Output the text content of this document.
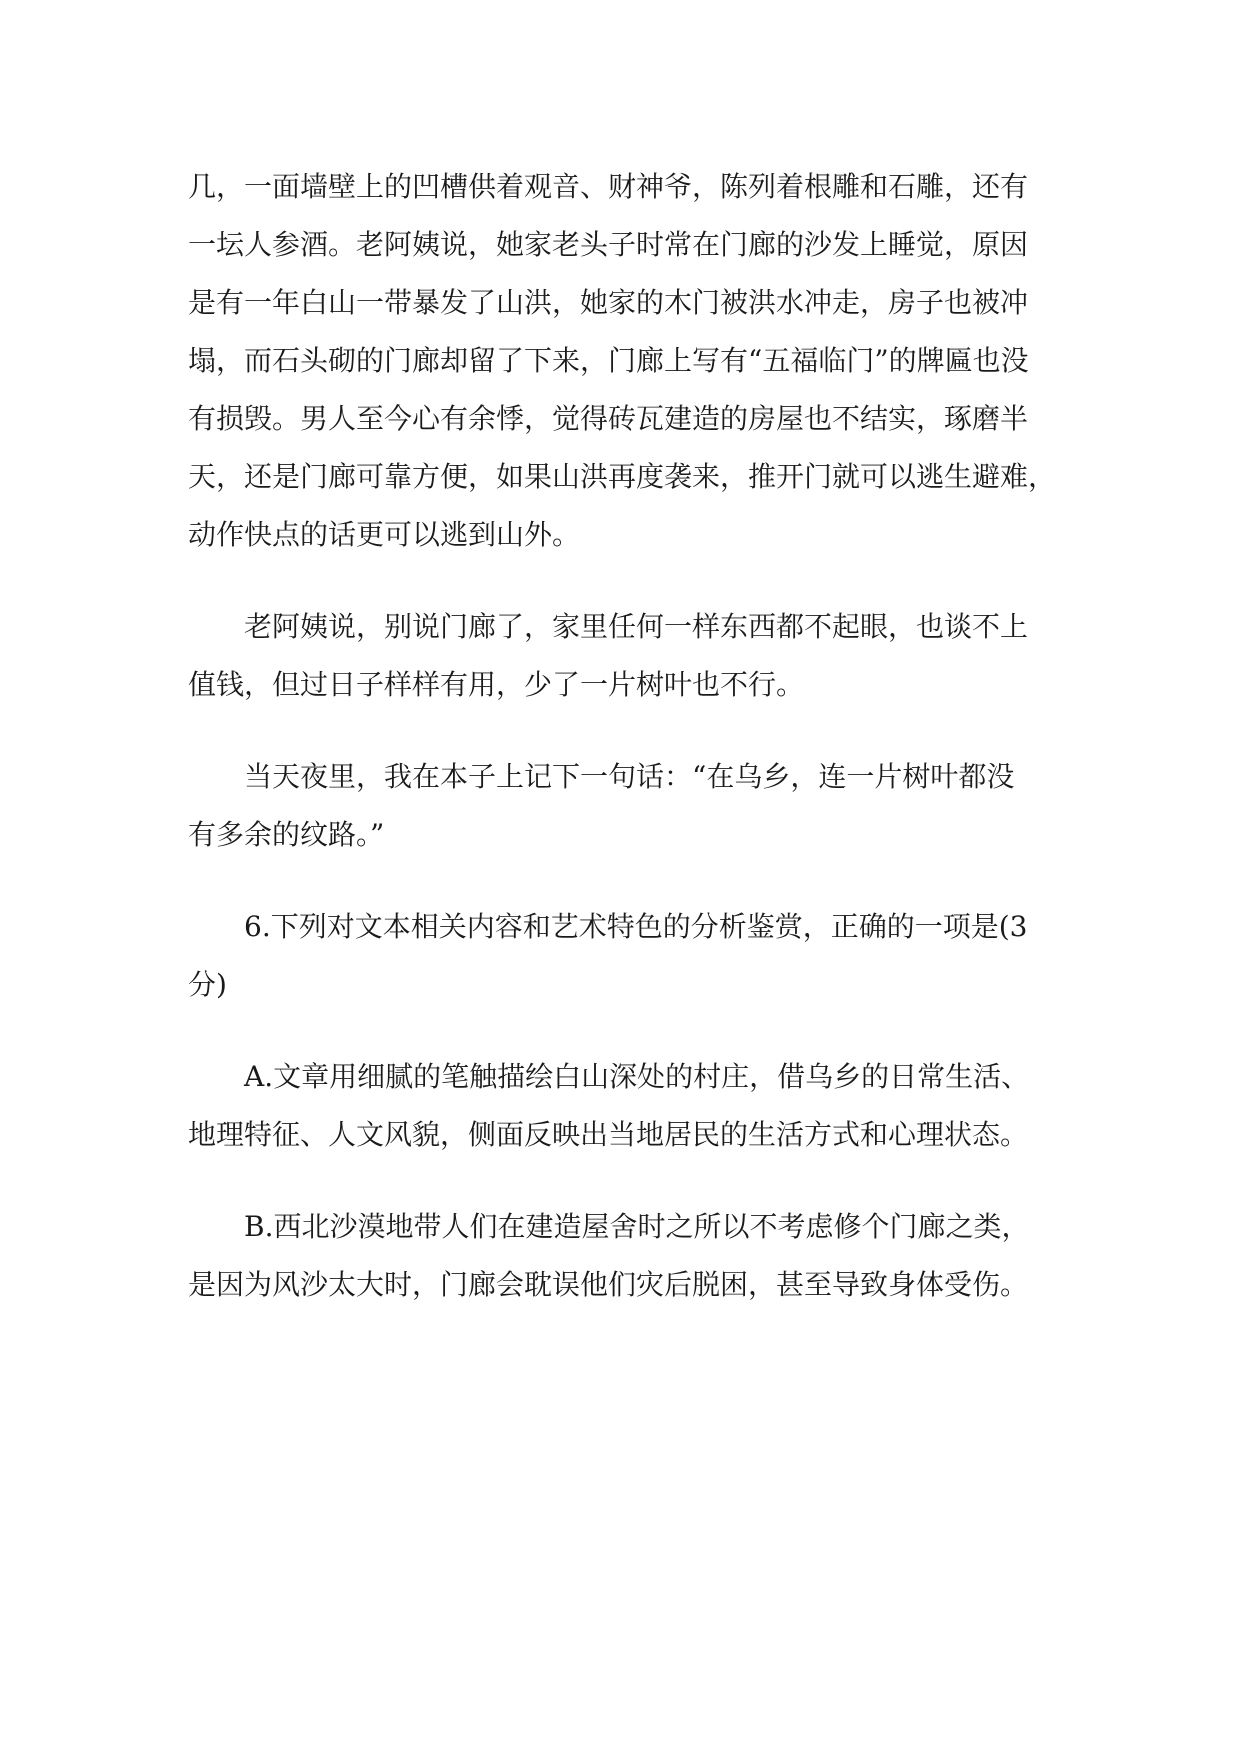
几，一面墙壁上的凹槽供着观音、财神爷，陈列着根雕和石雕，还有
一坛人参酒。老阿姨说，她家老头子时常在门廊的沙发上睡觉，原因
是有一年白山一带暴发了山洪，她家的木门被洪水冲走，房子也被冲
塌，而石头砌的门廊却留了下来，门廊上写有“五福临门”的牌匾也没
有损毁。男人至今心有余悸，觉得砖瓦建造的房屋也不结实，琢磨半
天，还是门廊可靠方便，如果山洪再度袭来，推开门就可以逃生避难，
动作快点的话更可以逃到山外。

老阿姨说，别说门廊了，家里任何一样东西都不起眼，也谈不上
值钱，但过日子样样有用，少了一片树叶也不行。

当天夜里，我在本子上记下一句话：“在乌乡，连一片树叶都没
有多余的纹路。”

6.下列对文本相关内容和艺术特色的分析鉴赏，正确的一项是(3
分)

A.文章用细腻的笔触描绘白山深处的村庄，借乌乡的日常生活、
地理特征、人文风貌，侧面反映出当地居民的生活方式和心理状态。

B.西北沙漠地带人们在建造屋舍时之所以不考虑修个门廊之类，
是因为风沙太大时，门廊会耽误他们灾后脱困，甚至导致身体受伤。
